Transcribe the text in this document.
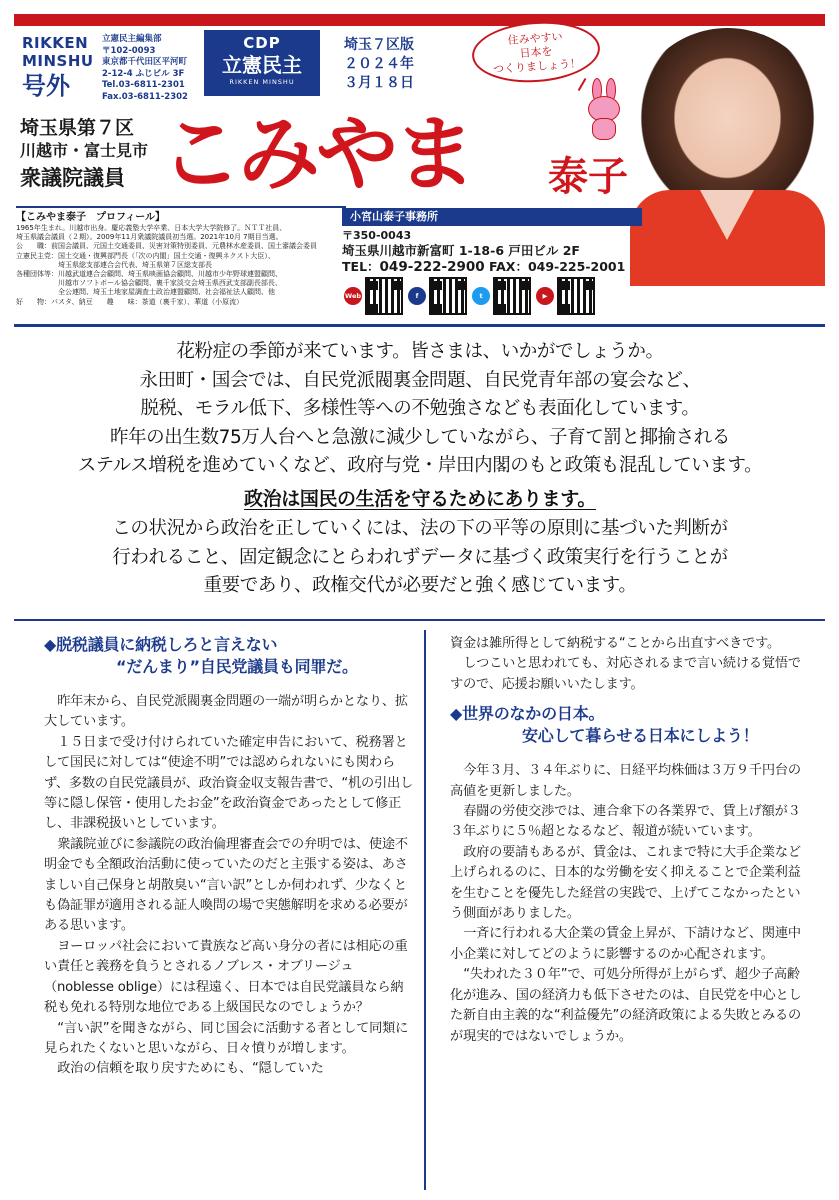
RIKKEN
MINSHU
号外
立憲民主編集部
〒102-0093
東京都千代田区平河町
2-12-4 ふじビル 3F
Tel.03-6811-2301
Fax.03-6811-2302
CDP
立憲民主
RIKKEN MINSHU
埼玉７区版
２０２４年
３月１８日
住みやすい
日本を
つくりましょう！
埼玉県第７区
川越市・富士見市
衆議院議員 こみやま 泰子
【こみやま泰子　プロフィール】
1965年生まれ。川越市出身。慶応義塾大学卒業、日本大学大学院修了。ＮＴＴ社員、
埼玉県議会議員（２期）。2009年11月衆議院議員初当選。2021年10月 7期目当選。
公　　職：前国会議員、元国土交通委員、災害対策特別委員、元農林水産委員、国土審議会委員
立憲民主党：国土交通・復興部門長（「次の内閣」国土交通・復興ネクスト大臣）、
　　　　　　埼玉県総支部連合会代表、埼玉県第７区総支部長
各種団体等：川越武道連合会顧問、埼玉県映画協会顧問、川越市少年野球連盟顧問、
　　　　　　川越市ソフトボール協会顧問、裏千家淡交会埼玉県西武支部副長部長、
　　　　　　全公連問、埼玉土地家屋調査士政治連盟顧問、社会福祉法人顧問、他
好　　物：パスタ、納豆　　趣　　味：茶道（裏千家）、華道（小原流）
小宮山泰子事務所
〒350-0043
埼玉県川越市新富町 1-18-6 戸田ビル 2F
TEL：049-222-2900 FAX：049-225-2001
Web	f	t	▶
花粉症の季節が来ています。皆さまは、いかがでしょうか。
永田町・国会では、自民党派閥裏金問題、自民党青年部の宴会など、
脱税、モラル低下、多様性等への不勉強さなども表面化しています。
昨年の出生数75万人台へと急激に減少していながら、子育て罰と揶揄される
ステルス増税を進めていくなど、政府与党・岸田内閣のもと政策も混乱しています。
政治は国民の生活を守るためにあります。
この状況から政治を正していくには、法の下の平等の原則に基づいた判断が
行われること、固定観念にとらわれずデータに基づく政策実行を行うことが
重要であり、政権交代が必要だと強く感じています。
◆脱税議員に納税しろと言えない
“だんまり”自民党議員も同罪だ。

昨年末から、自民党派閥裏金問題の一端が明らかとなり、拡大しています。

１５日まで受け付けられていた確定申告において、税務署として国民に対しては“使途不明”では認められないにも関わらず、多数の自民党議員が、政治資金収支報告書で、“机の引出し等に隠し保管・使用したお金”を政治資金であったとして修正し、非課税扱いとしています。

衆議院並びに参議院の政治倫理審査会での弁明では、使途不明金でも全額政治活動に使っていたのだと主張する姿は、あさましい自己保身と胡散臭い“言い訳”としか伺われず、少なくとも偽証罪が適用される証人喚問の場で実態解明を求める必要がある思います。

ヨーロッパ社会において貴族など高い身分の者には相応の重い責任と義務を負うとされるノブレス・オブリージュ（noblesse oblige）には程遠く、日本では自民党議員なら納税も免れる特別な地位である上級国民なのでしょうか？

“言い訳”を聞きながら、同じ国会に活動する者として同類に見られたくないと思いながら、日々憤りが増します。

政治の信頼を取り戻すためにも、“隠していた

資金は雑所得として納税する“ことから出直すべきです。

しつこいと思われても、対応されるまで言い続ける覚悟ですので、応援お願いいたします。

◆世界のなかの日本。
安心して暮らせる日本にしよう！

今年３月、３４年ぶりに、日経平均株価は３万９千円台の高値を更新しました。

春闘の労使交渉では、連合傘下の各業界で、賃上げ額が３３年ぶりに５％超となるなど、報道が続いています。

政府の要請もあるが、賃金は、これまで特に大手企業など上げられるのに、日本的な労働を安く抑えることで企業利益を生むことを優先した経営の実践で、上げてこなかったという側面がありました。

一斉に行われる大企業の賃金上昇が、下請けなど、関連中小企業に対してどのように影響するのか心配されます。

“失われた３０年”で、可処分所得が上がらず、超少子高齢化が進み、国の経済力も低下させたのは、自民党を中心とした新自由主義的な“利益優先”の経済政策による失敗とみるのが現実的ではないでしょうか。
